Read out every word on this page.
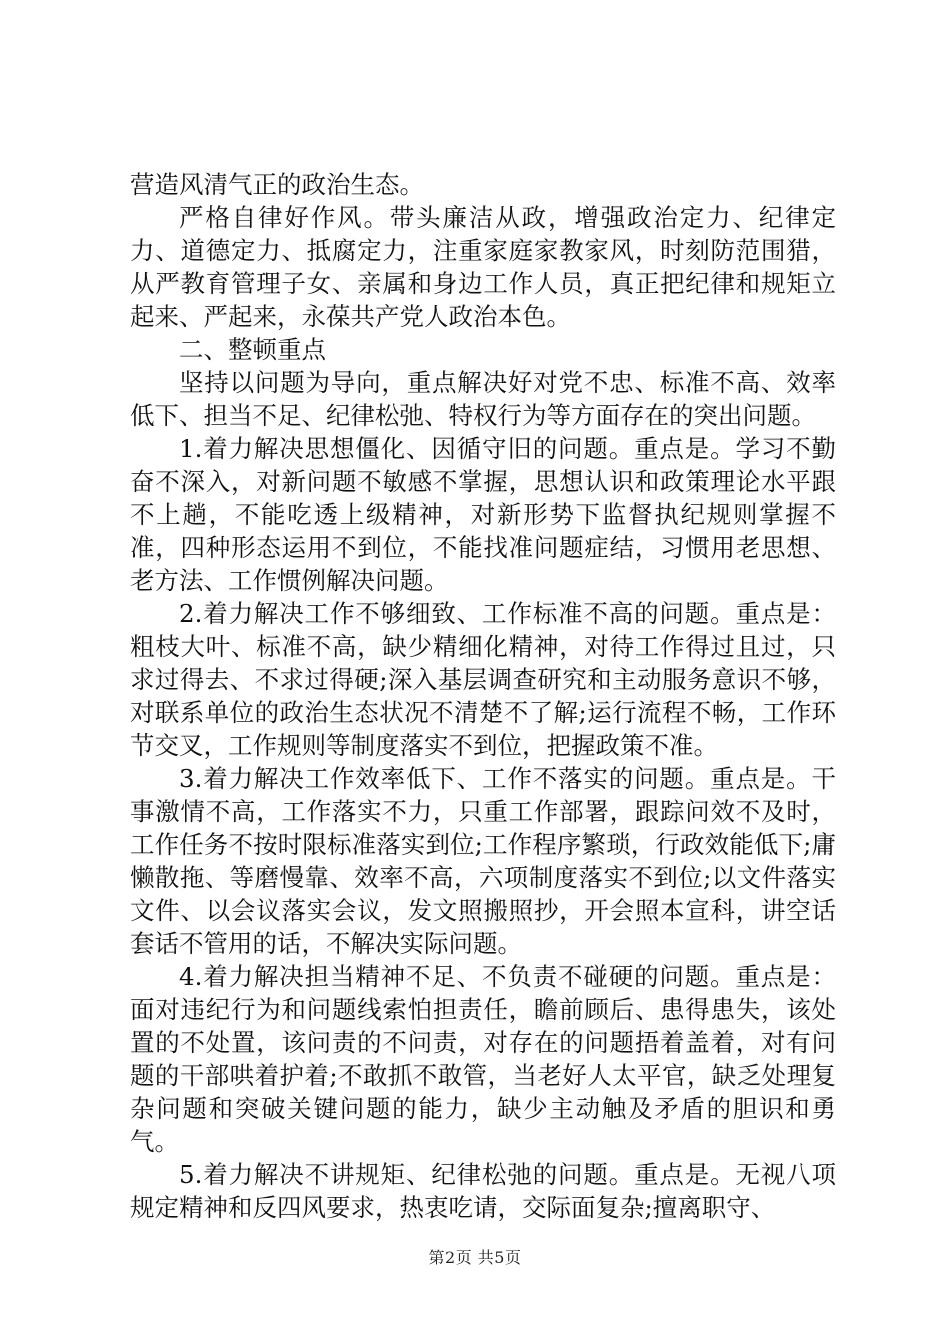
营造风清气正的政治生态。

严格自律好作风。带头廉洁从政，增强政治定力、纪律定力、道德定力、抵腐定力，注重家庭家教家风，时刻防范围猎，从严教育管理子女、亲属和身边工作人员，真正把纪律和规矩立起来、严起来，永葆共产党人政治本色。

二、整顿重点

坚持以问题为导向，重点解决好对党不忠、标准不高、效率低下、担当不足、纪律松弛、特权行为等方面存在的突出问题。

1.着力解决思想僵化、因循守旧的问题。重点是。学习不勤奋不深入，对新问题不敏感不掌握，思想认识和政策理论水平跟不上趟，不能吃透上级精神，对新形势下监督执纪规则掌握不准，四种形态运用不到位，不能找准问题症结，习惯用老思想、老方法、工作惯例解决问题。

2.着力解决工作不够细致、工作标准不高的问题。重点是：粗枝大叶、标准不高，缺少精细化精神，对待工作得过且过，只求过得去、不求过得硬;深入基层调查研究和主动服务意识不够，对联系单位的政治生态状况不清楚不了解;运行流程不畅，工作环节交叉，工作规则等制度落实不到位，把握政策不准。

3.着力解决工作效率低下、工作不落实的问题。重点是。干事激情不高，工作落实不力，只重工作部署，跟踪问效不及时，工作任务不按时限标准落实到位;工作程序繁琐，行政效能低下;庸懒散拖、等磨慢靠、效率不高，六项制度落实不到位;以文件落实文件、以会议落实会议，发文照搬照抄，开会照本宣科，讲空话套话不管用的话，不解决实际问题。

4.着力解决担当精神不足、不负责不碰硬的问题。重点是：面对违纪行为和问题线索怕担责任，瞻前顾后、患得患失，该处置的不处置，该问责的不问责，对存在的问题捂着盖着，对有问题的干部哄着护着;不敢抓不敢管，当老好人太平官，缺乏处理复杂问题和突破关键问题的能力，缺少主动触及矛盾的胆识和勇气。

5.着力解决不讲规矩、纪律松弛的问题。重点是。无视八项规定精神和反四风要求，热衷吃请，交际面复杂;擅离职守、

第2页 共5页
